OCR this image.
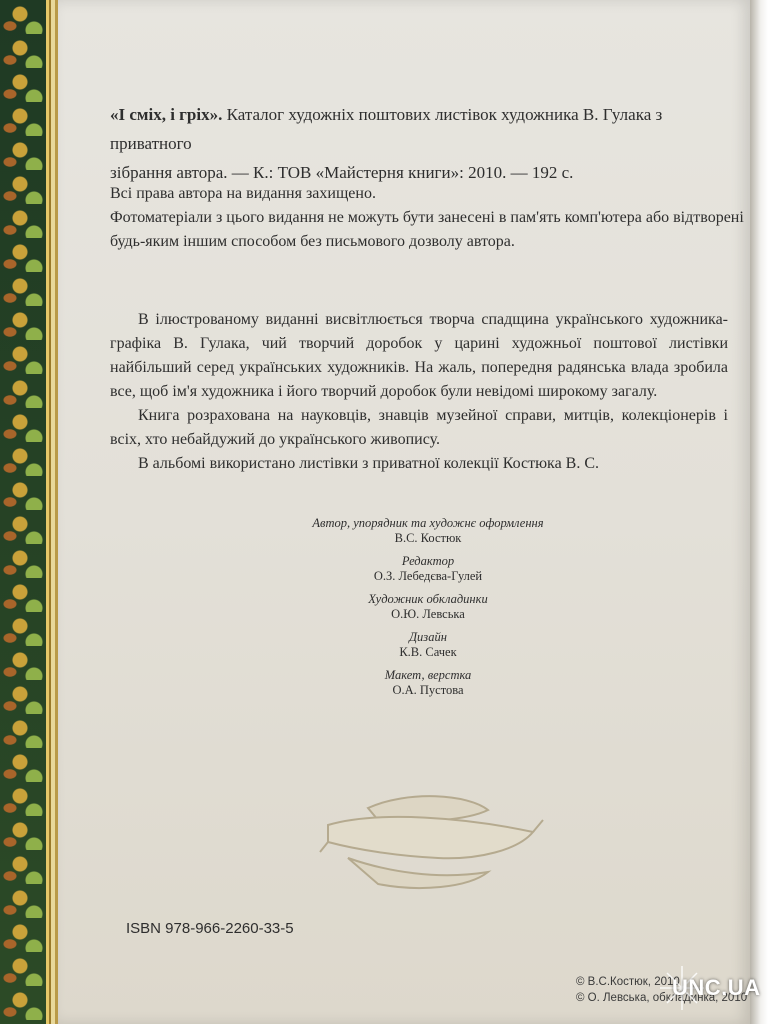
«І сміх, і гріх». Каталог художніх поштових листівок художника В. Гулака з приватного
зібрання автора. — К.: ТОВ «Майстерня книги»: 2010. — 192 с.
Всі права автора на видання захищено.
Фотоматеріали з цього видання не можуть бути занесені в пам'ять комп'ютера або відтворені
будь-яким іншим способом без письмового дозволу автора.

В ілюстрованому виданні висвітлюється творча спадщина українського художника-графіка В. Гулака, чий творчий доробок у царині художньої поштової листівки найбільший серед українських художників. На жаль, попередня радянська влада зробила все, щоб ім'я художника і його творчий доробок були невідомі широкому загалу.

Книга розрахована на науковців, знавців музейної справи, митців, колекціонерів і всіх, хто небайдужий до українського живопису.

В альбомі використано листівки з приватної колекції Костюка В. С.

Автор, упорядник та художнє оформлення
В.С. Костюк
Редактор
О.З. Лебедєва-Гулей
Художник обкладинки
О.Ю. Левська
Дизайн
К.В. Сачек
Макет, верстка
О.А. Пустова
ISBN 978-966-2260-33-5
© В.С.Костюк, 2010
© О. Левська, обкладинка, 2010
UNC.UA
